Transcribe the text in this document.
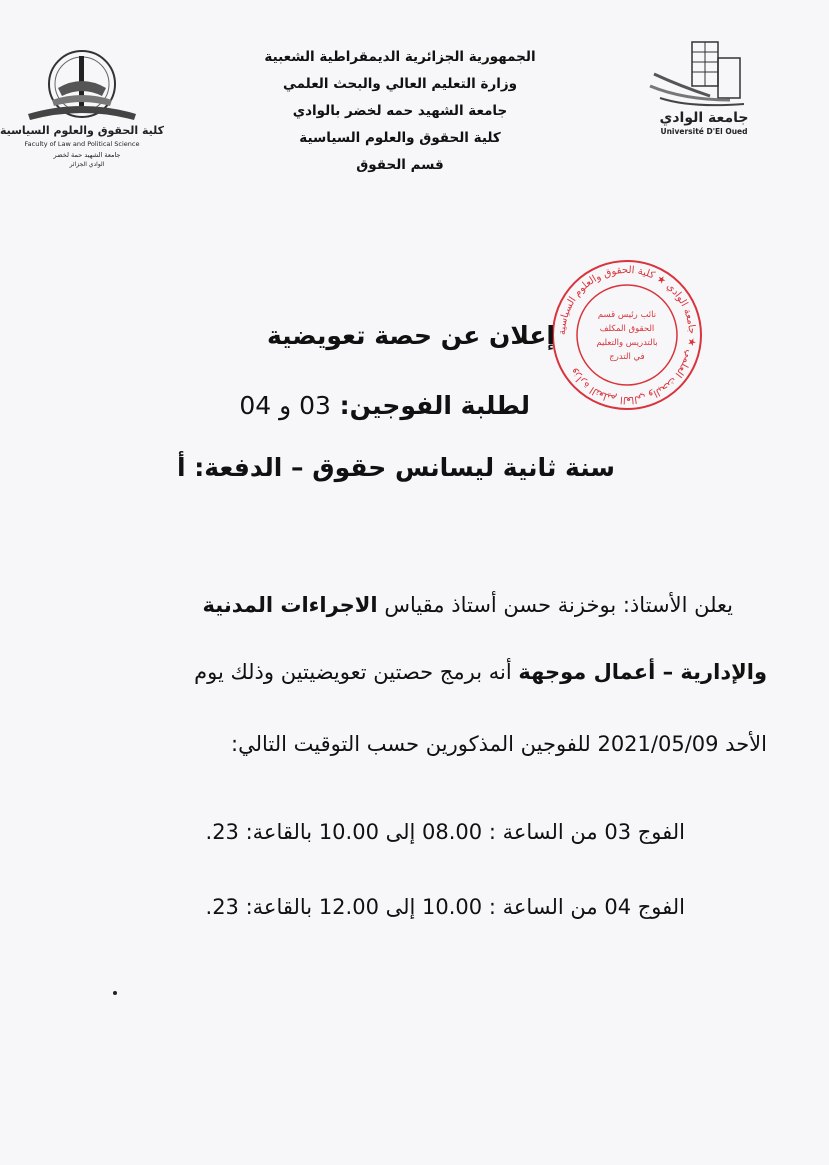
كلية الحقوق والعلوم السياسية
Faculty of Law and Political Science
جامعة الشهيد حمة لخضر
الوادي الجزائر
الجمهورية الجزائرية الديمقراطية الشعبية
وزارة التعليم العالي والبحث العلمي
جامعة الشهيد حمه لخضر بالوادي
كلية الحقوق والعلوم السياسية
قسم الحقوق
جامعة الوادي
Université D'El Oued
وزارة التعليم العالي والبحث العلمي ★ جامعة الوادي ★ كلية الحقوق والعلوم السياسية
نائب رئيس قسم
الحقوق المكلف
بالتدريس والتعليم
في التدرج
إعلان عن حصة تعويضية
لطلبة الفوجين: 03 و 04
سنة ثانية ليسانس حقوق – الدفعة: أ
يعلن الأستاذ: بوخزنة حسن أستاذ مقياس الاجراءات المدنية
والإدارية – أعمال موجهة أنه برمج حصتين تعويضيتين وذلك يوم
الأحد 2021/05/09 للفوجين المذكورين حسب التوقيت التالي:
الفوج 03 من الساعة : 08.00 إلى 10.00 بالقاعة: 23.
الفوج 04 من الساعة : 10.00 إلى 12.00 بالقاعة: 23.
